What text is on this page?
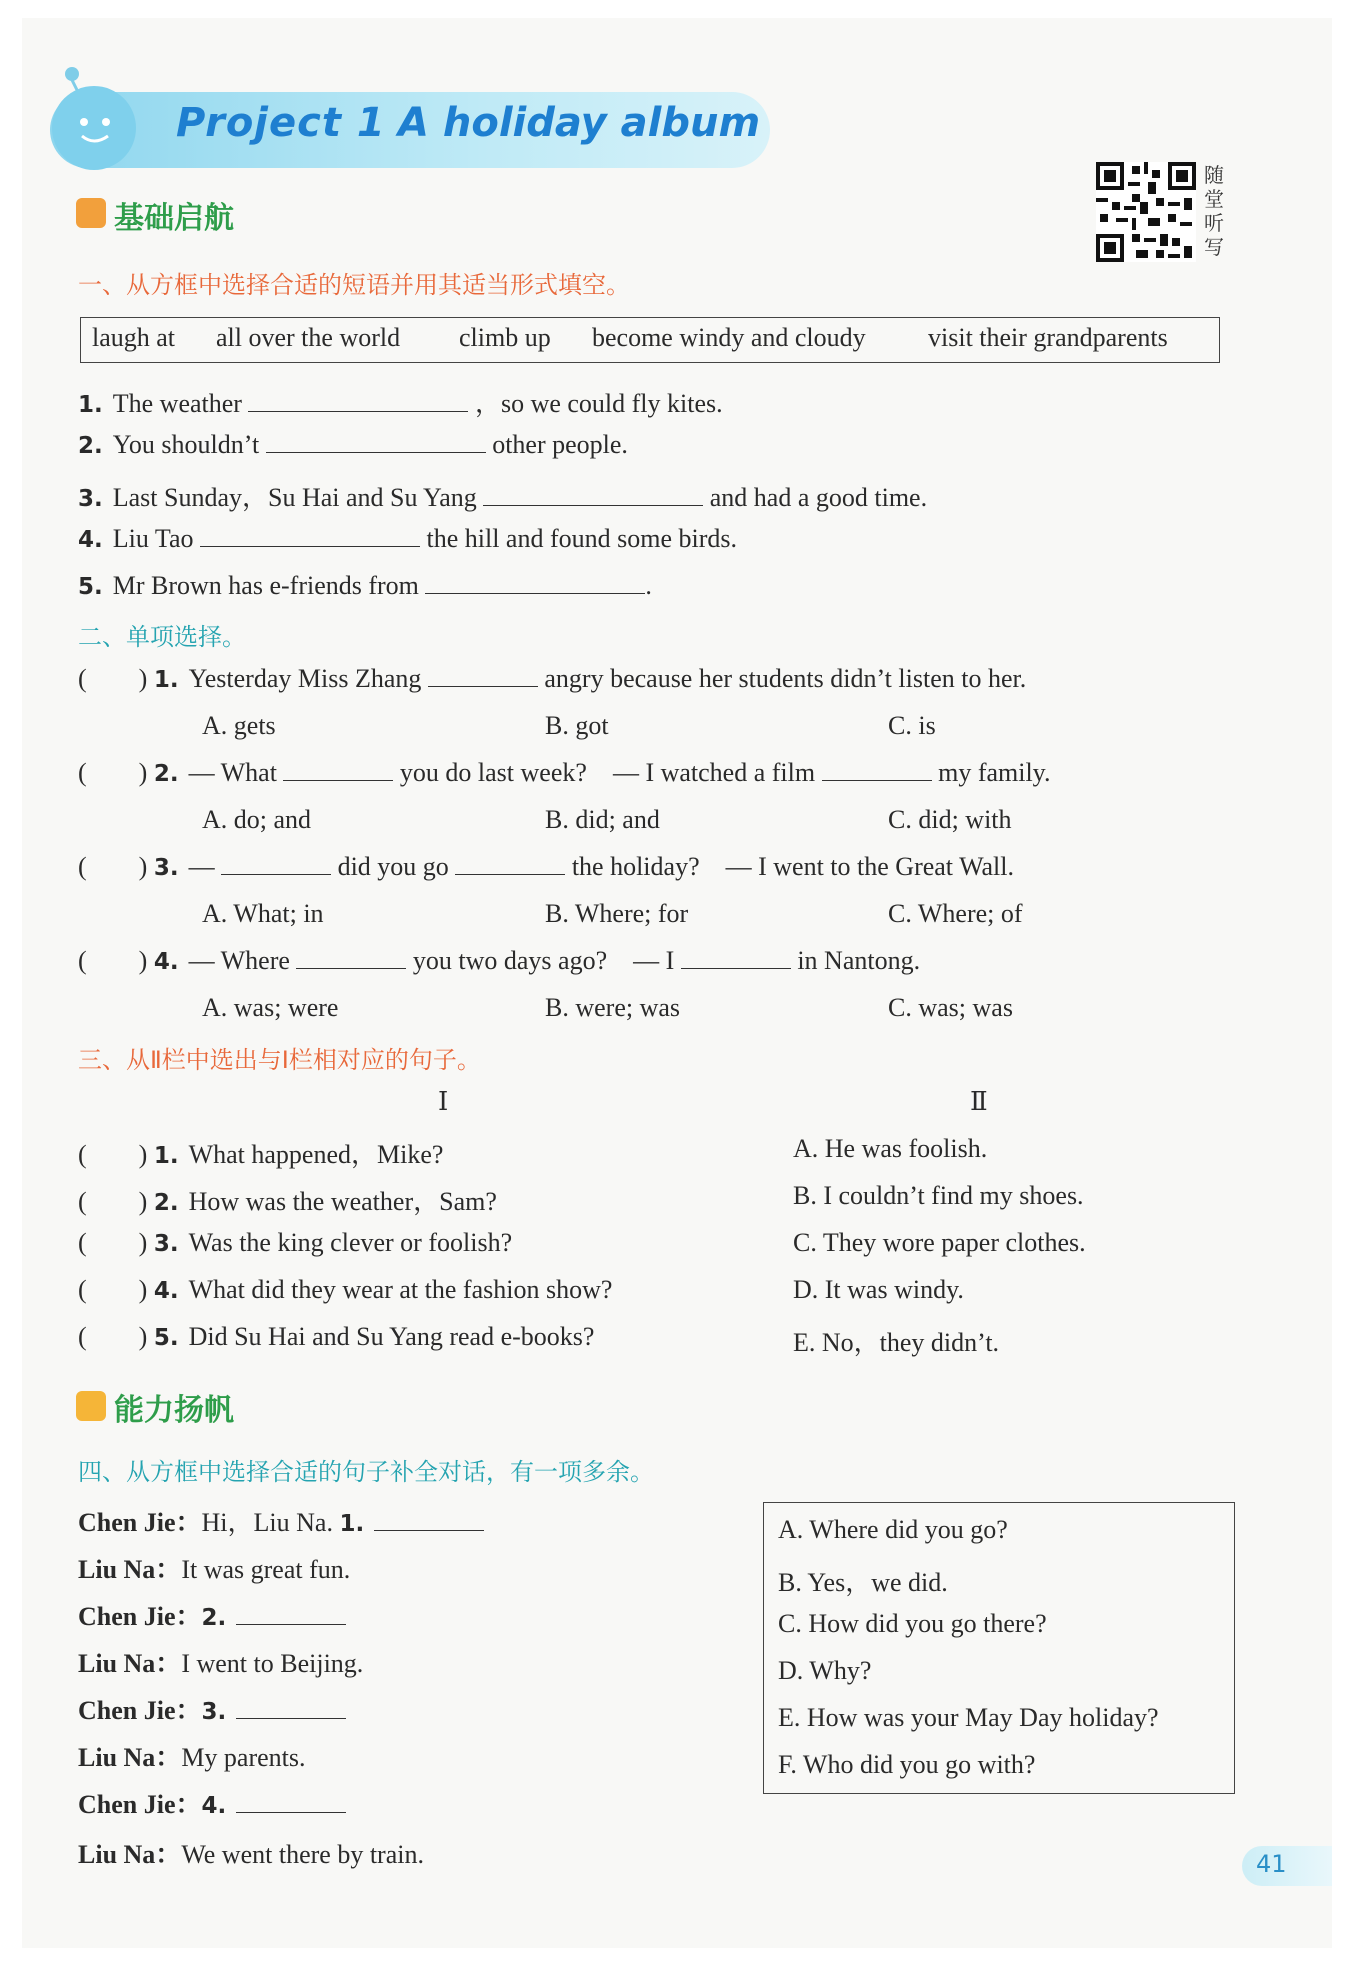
Project 1 A holiday album
随堂听写
基础启航
一、从方框中选择合适的短语并用其适当形式填空。
laugh at all over the world climb up become windy and cloudy visit their grandparents
1. The weather	，so we could fly kites.
2. You shouldn’t	other people.
3. Last Sunday，Su Hai and Su Yang	and had a good time.
4. Liu Tao	the hill and found some birds.
5. Mr Brown has e-friends from	.
二、单项选择。
(        ) 1. Yesterday Miss Zhang	angry because her students didn’t listen to her.
A. gets	B. got	C. is
(        ) 2. — What	you do last week? — I watched a film	my family.
A. do; and	B. did; and	C. did; with
(        ) 3. —	did you go	the holiday? — I went to the Great Wall.
A. What; in	B. Where; for	C. Where; of
(        ) 4. — Where	you two days ago? — I	in Nantong.
A. was; were	B. were; was	C. was; was
三、从Ⅱ栏中选出与Ⅰ栏相对应的句子。
Ⅰ	Ⅱ
(        ) 1. What happened，Mike?
(        ) 2. How was the weather，Sam?
(        ) 3. Was the king clever or foolish?
(        ) 4. What did they wear at the fashion show?
(        ) 5. Did Su Hai and Su Yang read e-books?
A. He was foolish.
B. I couldn’t find my shoes.
C. They wore paper clothes.
D. It was windy.
E. No，they didn’t.
能力扬帆
四、从方框中选择合适的句子补全对话，有一项多余。
Chen Jie：Hi，Liu Na. 1.
Liu Na：It was great fun.
Chen Jie：2.
Liu Na：I went to Beijing.
Chen Jie：3.
Liu Na：My parents.
Chen Jie：4.
Liu Na：We went there by train.
A. Where did you go?
B. Yes，we did.
C. How did you go there?
D. Why?
E. How was your May Day holiday?
F. Who did you go with?
41
